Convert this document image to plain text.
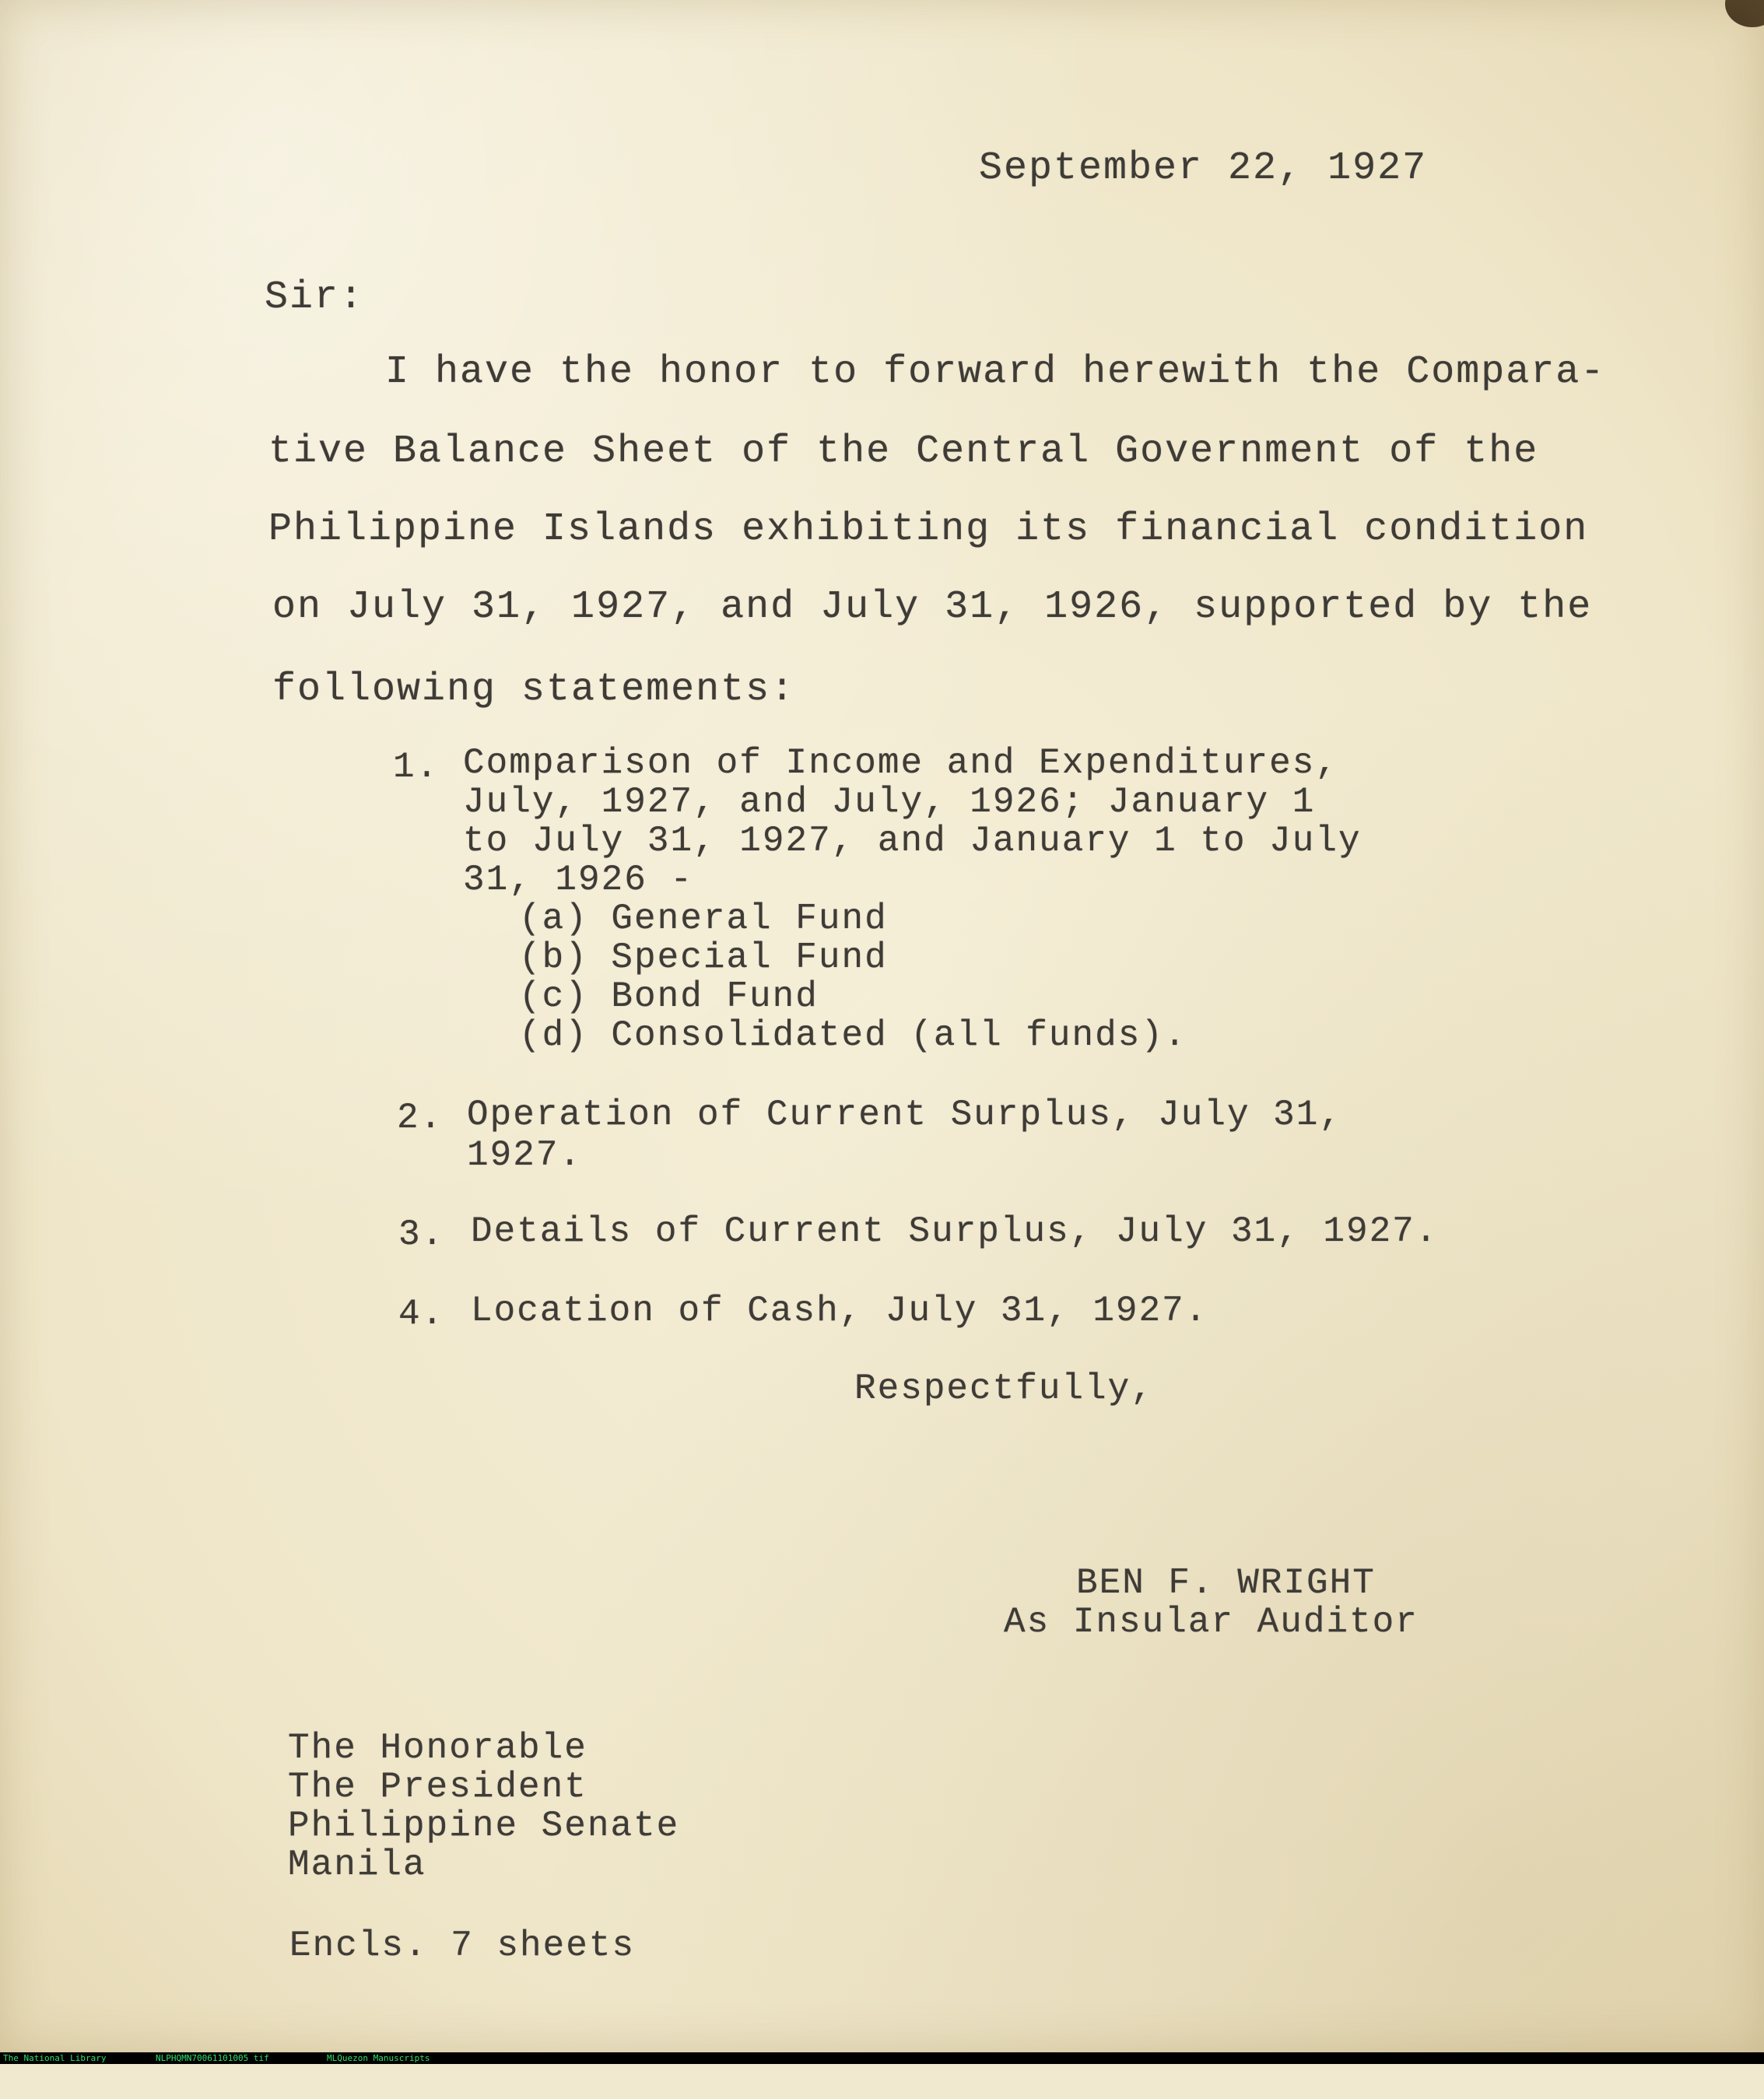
September 22, 1927
Sir:
I have the honor to forward herewith the Compara-
tive Balance Sheet of the Central Government of the
Philippine Islands exhibiting its financial condition
on July 31, 1927, and July 31, 1926, supported by the
following statements:
1. Comparison of Income and Expenditures,
July, 1927, and July, 1926; January 1
to July 31, 1927, and January 1 to July
31, 1926 -
(a) General Fund
(b) Special Fund
(c) Bond Fund
(d) Consolidated (all funds).
2. Operation of Current Surplus, July 31,
1927.
3. Details of Current Surplus, July 31, 1927.
4. Location of Cash, July 31, 1927.
Respectfully,
BEN F. WRIGHT
As Insular Auditor
The Honorable
The President
Philippine Senate
Manila
Encls. 7 sheets

The National Library

	NLPHQMN70061101005 tif

	MLQuezon Manuscripts
